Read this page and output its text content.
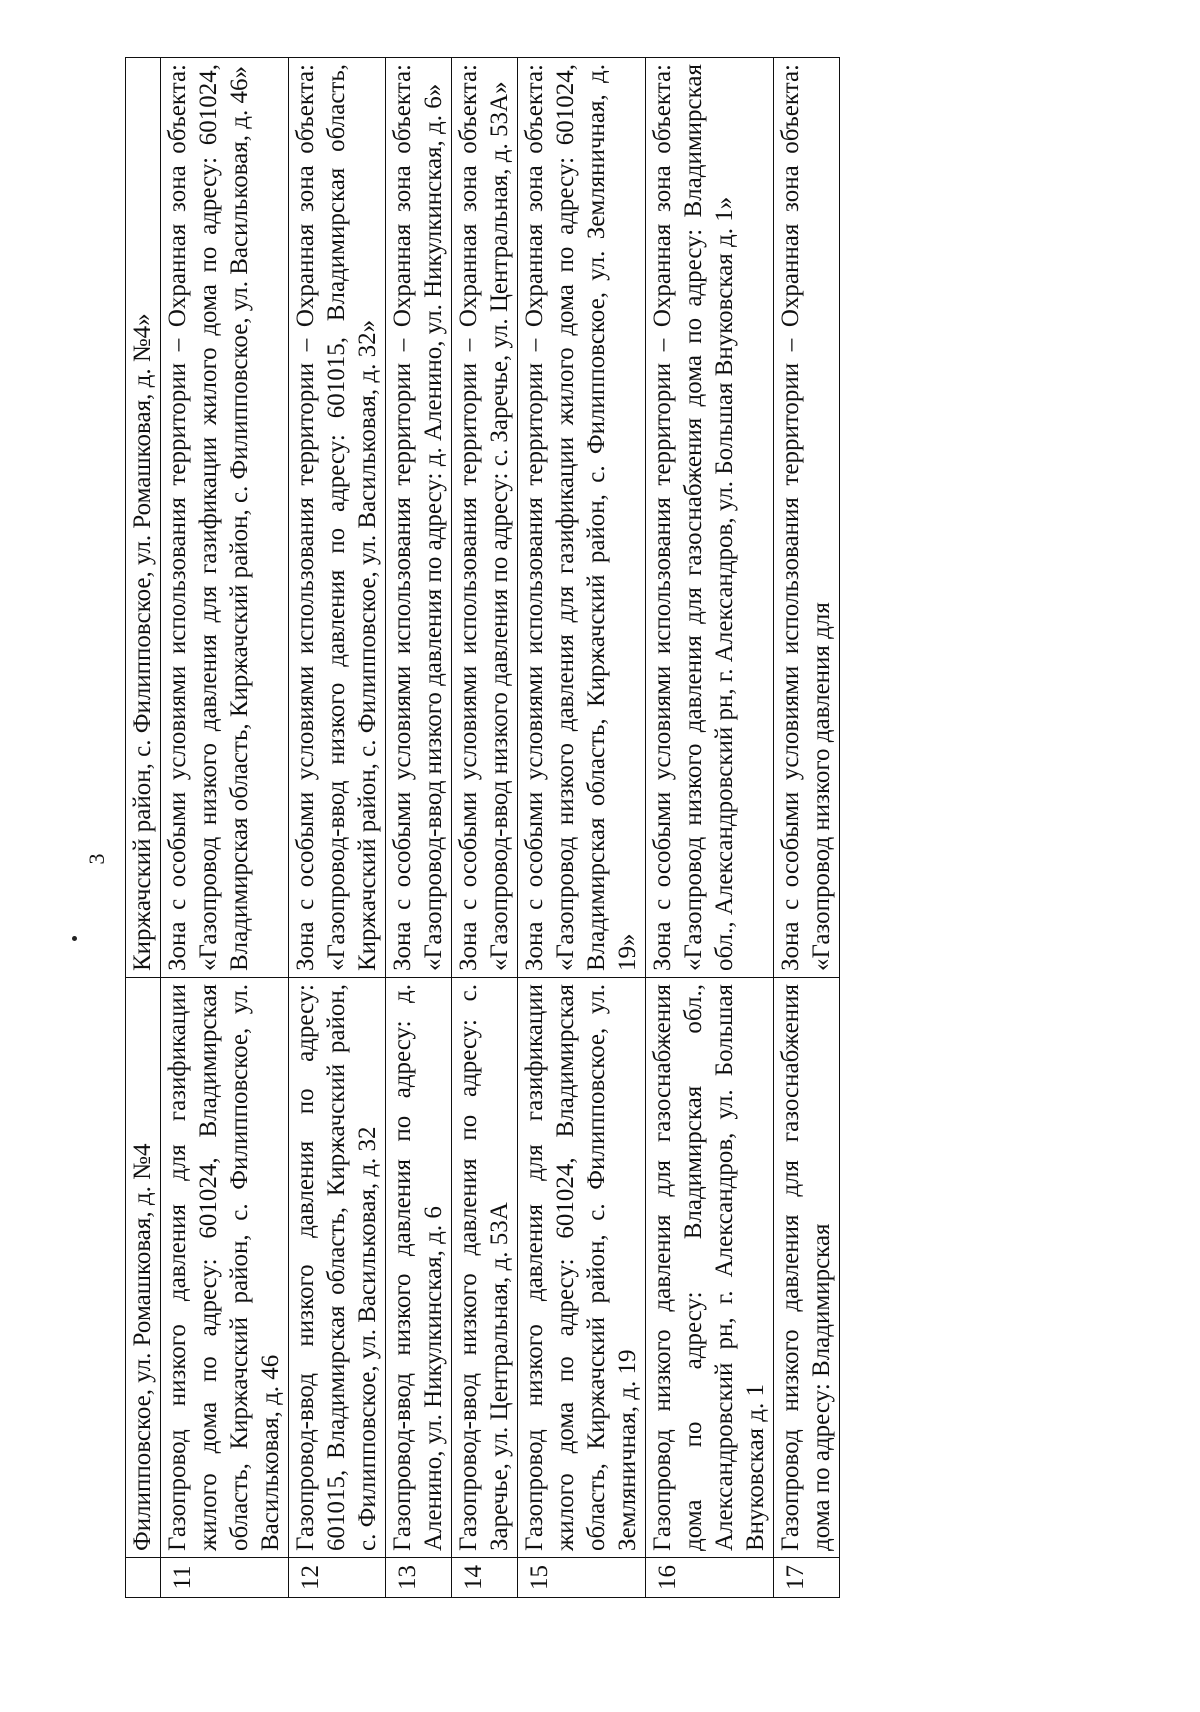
3
	Филипповское, ул. Ромашковая, д. №4	Киржачский район, с. Филипповское, ул. Ромашковая, д. №4»
11	Газопровод низкого давления для газификации жилого дома по адресу: 601024, Владимирская область, Киржачский район, с. Филипповское, ул. Васильковая, д. 46	Зона с особыми условиями использования территории – Охранная зона объекта: «Газопровод низкого давления для газификации жилого дома по адресу: 601024, Владимирская область, Киржачский район, с. Филипповское, ул. Васильковая, д. 46»
12	Газопровод-ввод низкого давления по адресу: 601015, Владимирская область, Киржачский район, с. Филипповское, ул. Васильковая, д. 32	Зона с особыми условиями использования территории – Охранная зона объекта: «Газопровод-ввод низкого давления по адресу: 601015, Владимирская область, Киржачский район, с. Филипповское, ул. Васильковая, д. 32»
13	Газопровод-ввод низкого давления по адресу: д. Аленино, ул. Никулкинская, д. 6	Зона с особыми условиями использования территории – Охранная зона объекта: «Газопровод-ввод низкого давления по адресу: д. Аленино, ул. Никулкинская, д. 6»
14	Газопровод-ввод низкого давления по адресу: с. Заречье, ул. Центральная, д. 53А	Зона с особыми условиями использования территории – Охранная зона объекта: «Газопровод-ввод низкого давления по адресу: с. Заречье, ул. Центральная, д. 53А»
15	Газопровод низкого давления для газификации жилого дома по адресу: 601024, Владимирская область, Киржачский район, с. Филипповское, ул. Земляничная, д. 19	Зона с особыми условиями использования территории – Охранная зона объекта: «Газопровод низкого давления для газификации жилого дома по адресу: 601024, Владимирская область, Киржачский район, с. Филипповское, ул. Земляничная, д. 19»
16	Газопровод низкого давления для газоснабжения дома по адресу: Владимирская обл., Александровский рн, г. Александров, ул. Большая Внуковская д. 1	Зона с особыми условиями использования территории – Охранная зона объекта: «Газопровод низкого давления для газоснабжения дома по адресу: Владимирская обл., Александровский рн, г. Александров, ул. Большая Внуковская д. 1»
17	Газопровод низкого давления для газоснабжения дома по адресу: Владимирская	Зона с особыми условиями использования территории – Охранная зона объекта: «Газопровод низкого давления для
